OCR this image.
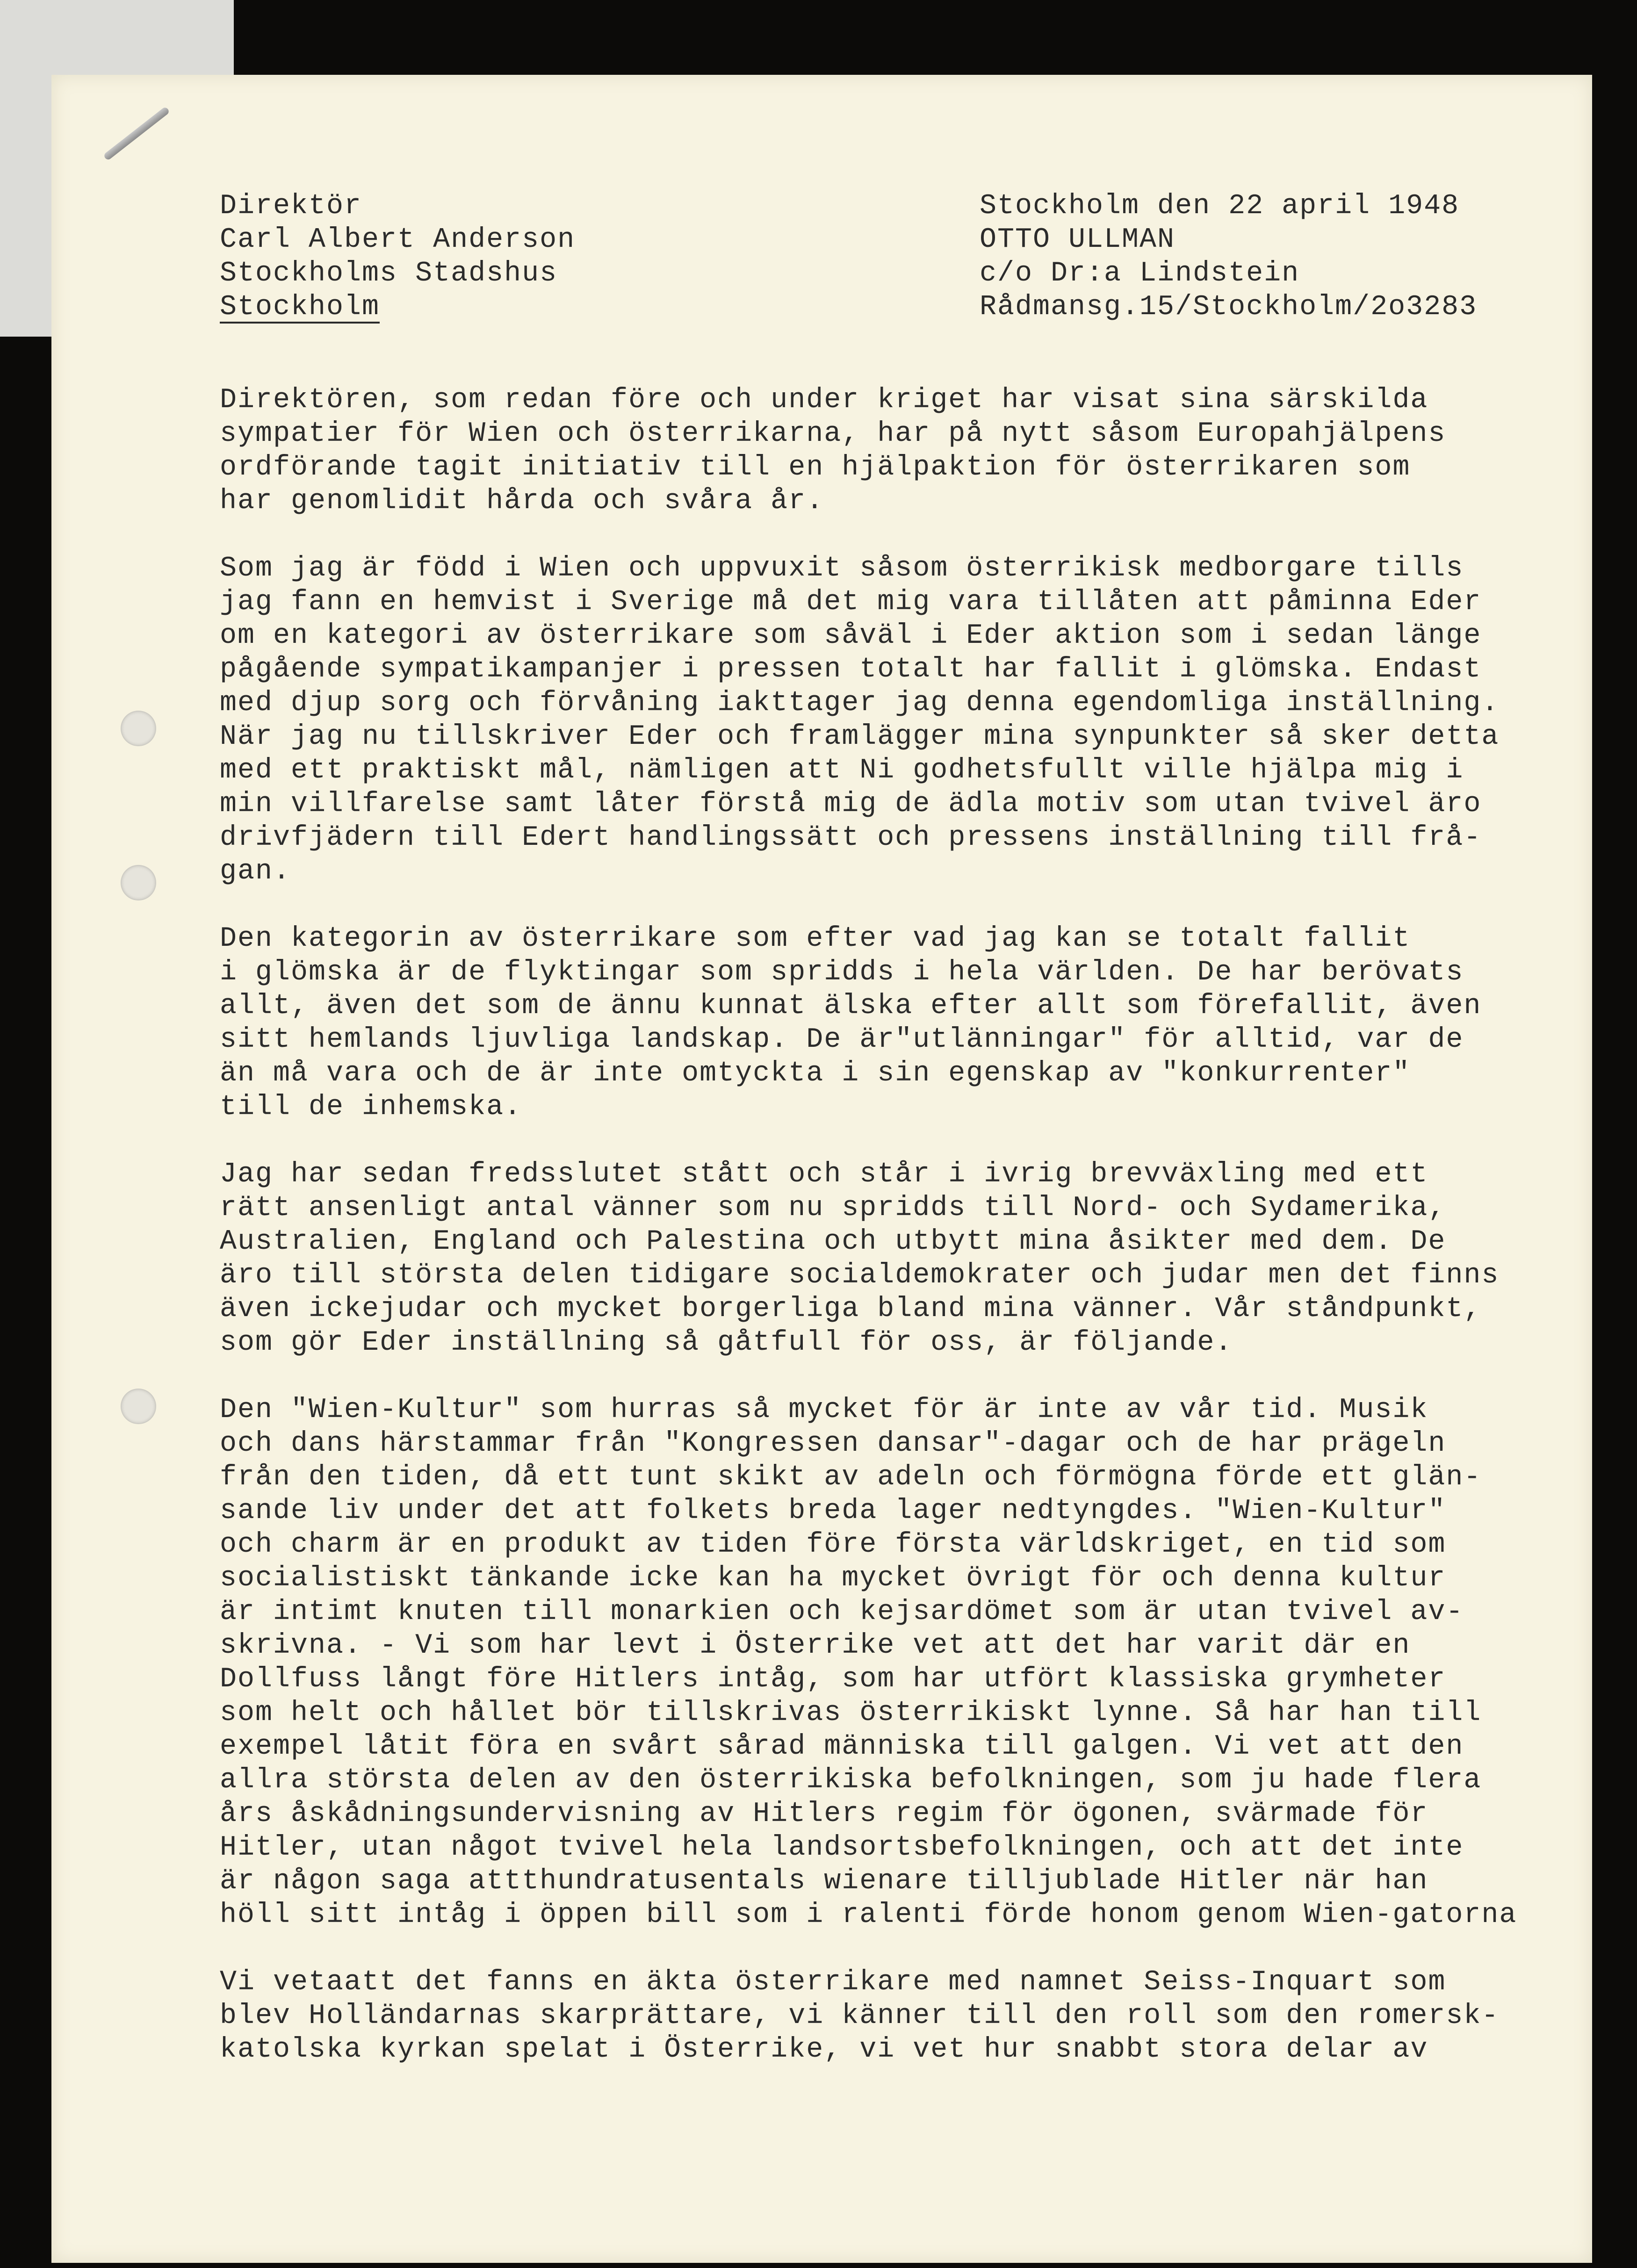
Direktör

Carl Albert Anderson

Stockholms Stadshus

Stockholm

Stockholm den 22 april 1948

OTTO ULLMAN

c/o Dr:a Lindstein

Rådmansg.15/Stockholm/2o3283

Direktören, som redan före och under kriget har visat sina särskilda
sympatier för Wien och österrikarna, har på nytt såsom Europahjälpens
ordförande tagit initiativ till en hjälpaktion för österrikaren som
har genomlidit hårda och svåra år.
Som jag är född i Wien och uppvuxit såsom österrikisk medborgare tills
jag fann en hemvist i Sverige må det mig vara tillåten att påminna Eder
om en kategori av österrikare som såväl i Eder aktion som i sedan länge
pågående sympatikampanjer i pressen totalt har fallit i glömska. Endast
med djup sorg och förvåning iakttager jag denna egendomliga inställning.
När jag nu tillskriver Eder och framlägger mina synpunkter så sker detta
med ett praktiskt mål, nämligen att Ni godhetsfullt ville hjälpa mig i
min villfarelse samt låter förstå mig de ädla motiv som utan tvivel äro
drivfjädern till Edert handlingssätt och pressens inställning till frå-
gan.
Den kategorin av österrikare som efter vad jag kan se totalt fallit
i glömska är de flyktingar som spridds i hela världen. De har berövats
allt, även det som de ännu kunnat älska efter allt som förefallit, även
sitt hemlands ljuvliga landskap. De är"utlänningar" för alltid, var de
än må vara och de är inte omtyckta i sin egenskap av "konkurrenter"
till de inhemska.
Jag har sedan fredsslutet stått och står i ivrig brevväxling med ett
rätt ansenligt antal vänner som nu spridds till Nord- och Sydamerika,
Australien, England och Palestina och utbytt mina åsikter med dem. De
äro till största delen tidigare socialdemokrater och judar men det finns
även ickejudar och mycket borgerliga bland mina vänner. Vår ståndpunkt,
som gör Eder inställning så gåtfull för oss, är följande.
Den "Wien-Kultur" som hurras så mycket för är inte av vår tid. Musik
och dans härstammar från "Kongressen dansar"-dagar och de har prägeln
från den tiden, då ett tunt skikt av adeln och förmögna förde ett glän-
sande liv under det att folkets breda lager nedtyngdes. "Wien-Kultur"
och charm är en produkt av tiden före första världskriget, en tid som
socialistiskt tänkande icke kan ha mycket övrigt för och denna kultur
är intimt knuten till monarkien och kejsardömet som är utan tvivel av-
skrivna. - Vi som har levt i Österrike vet att det har varit där en
Dollfuss långt före Hitlers intåg, som har utfört klassiska grymheter
som helt och hållet bör tillskrivas österrikiskt lynne. Så har han till
exempel låtit föra en svårt sårad människa till galgen. Vi vet att den
allra största delen av den österrikiska befolkningen, som ju hade flera
års åskådningsundervisning av Hitlers regim för ögonen, svärmade för
Hitler, utan något tvivel hela landsortsbefolkningen, och att det inte
är någon saga attthundratusentals wienare tilljublade Hitler när han
höll sitt intåg i öppen bill som i ralenti förde honom genom Wien-gatorna
Vi vetaatt det fanns en äkta österrikare med namnet Seiss-Inquart som
blev Holländarnas skarprättare, vi känner till den roll som den romersk-
katolska kyrkan spelat i Österrike, vi vet hur snabbt stora delar av
